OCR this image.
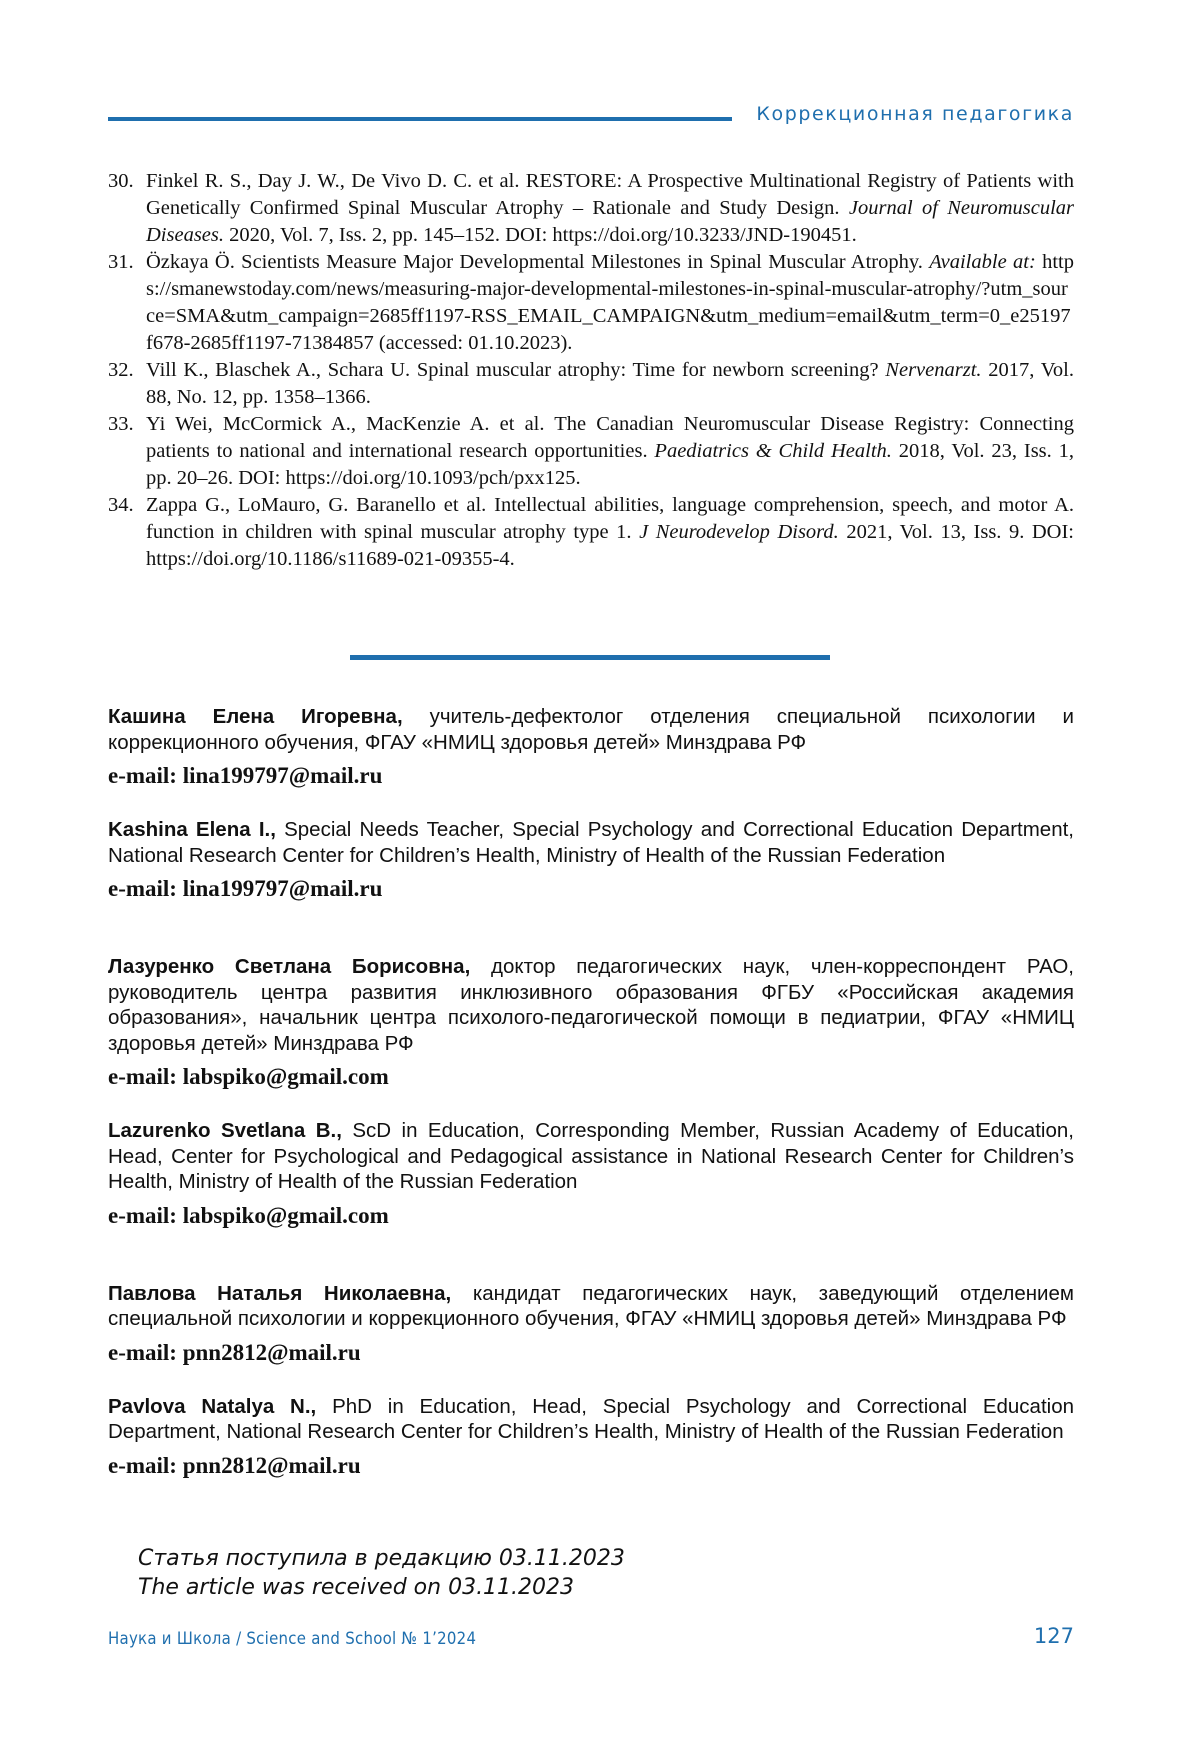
Коррекционная педагогика
30. Finkel R. S., Day J. W., De Vivo D. C. et al. RESTORE: A Prospective Multinational Registry of Patients with Genetically Confirmed Spinal Muscular Atrophy – Rationale and Study Design. Journal of Neuromuscular Diseases. 2020, Vol. 7, Iss. 2, pp. 145–152. DOI: https://doi.org/10.3233/JND-190451.
31. Özkaya Ö. Scientists Measure Major Developmental Milestones in Spinal Muscular Atrophy. Available at: https://smanewstoday.com/news/measuring-major-developmental-milestones-in-spinal-muscular-atrophy/?utm_source=SMA&utm_campaign=2685ff1197-RSS_EMAIL_CAMPAIGN&utm_medium=email&utm_term=0_e25197f678-2685ff1197-71384857 (accessed: 01.10.2023).
32. Vill K., Blaschek A., Schara U. Spinal muscular atrophy: Time for newborn screening? Nervenarzt. 2017, Vol. 88, No. 12, pp. 1358–1366.
33. Yi Wei, McCormick A., MacKenzie A. et al. The Canadian Neuromuscular Disease Registry: Connecting patients to national and international research opportunities. Paediatrics & Child Health. 2018, Vol. 23, Iss. 1, pp. 20–26. DOI: https://doi.org/10.1093/pch/pxx125.
34. Zappa G., LoMauro, G. Baranello et al. Intellectual abilities, language comprehension, speech, and motor A. function in children with spinal muscular atrophy type 1. J Neurodevelop Disord. 2021, Vol. 13, Iss. 9. DOI: https://doi.org/10.1186/s11689-021-09355-4.

Кашина Елена Игоревна, учитель-дефектолог отделения специальной психологии и коррекционного обучения, ФГАУ «НМИЦ здоровья детей» Минздрава РФ

e-mail: lina199797@mail.ru

Kashina Elena I., Special Needs Teacher, Special Psychology and Correctional Education Department, National Research Center for Children’s Health, Ministry of Health of the Russian Federation

e-mail: lina199797@mail.ru

Лазуренко Светлана Борисовна, доктор педагогических наук, член-корреспондент РАО, руководитель центра развития инклюзивного образования ФГБУ «Российская академия образования», начальник центра психолого-педагогической помощи в педиатрии, ФГАУ «НМИЦ здоровья детей» Минздрава РФ

e-mail: labspiko@gmail.com

Lazurenko Svetlana B., ScD in Education, Corresponding Member, Russian Academy of Education, Head, Center for Psychological and Pedagogical assistance in National Research Center for Children’s Health, Ministry of Health of the Russian Federation

e-mail: labspiko@gmail.com

Павлова Наталья Николаевна, кандидат педагогических наук, заведующий отделением специальной психологии и коррекционного обучения, ФГАУ «НМИЦ здоровья детей» Минздрава РФ

e-mail: pnn2812@mail.ru

Pavlova Natalya N., PhD in Education, Head, Special Psychology and Correctional Education Department, National Research Center for Children’s Health, Ministry of Health of the Russian Federation

e-mail: pnn2812@mail.ru

Статья поступила в редакцию 03.11.2023
The article was received on 03.11.2023
Наука и Школа / Science and School № 1’2024	127
